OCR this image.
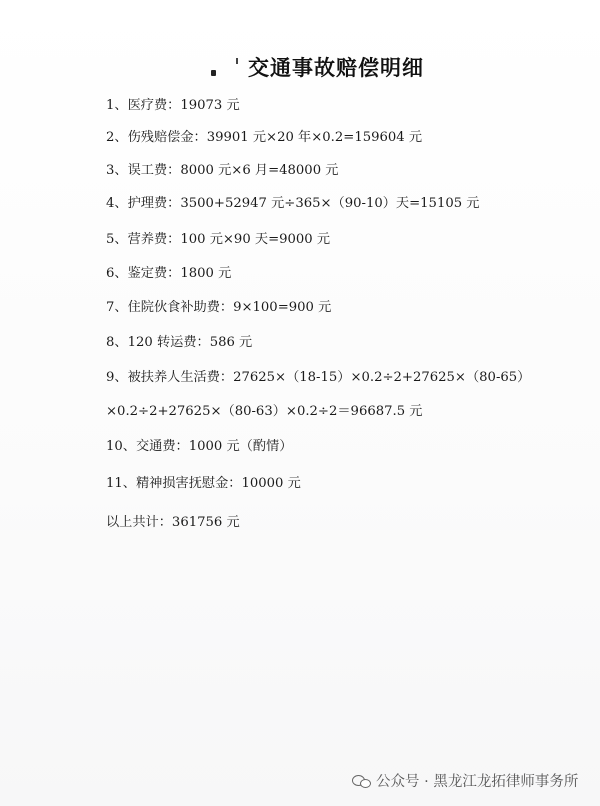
交通事故赔偿明细
1、医疗费：19073 元
2、伤残赔偿金：39901 元×20 年×0.2=159604 元
3、误工费：8000 元×6 月=48000 元
4、护理费：3500+52947 元÷365×（90-10）天=15105 元
5、营养费：100 元×90 天=9000 元
6、鉴定费：1800 元
7、住院伙食补助费：9×100=900 元
8、120 转运费：586 元
9、被扶养人生活费：27625×（18-15）×0.2÷2+27625×（80-65）
×0.2÷2+27625×（80-63）×0.2÷2＝96687.5 元
10、交通费：1000 元（酌情）
11、精神损害抚慰金：10000 元
以上共计：361756 元
公众号 · 黑龙江龙拓律师事务所
